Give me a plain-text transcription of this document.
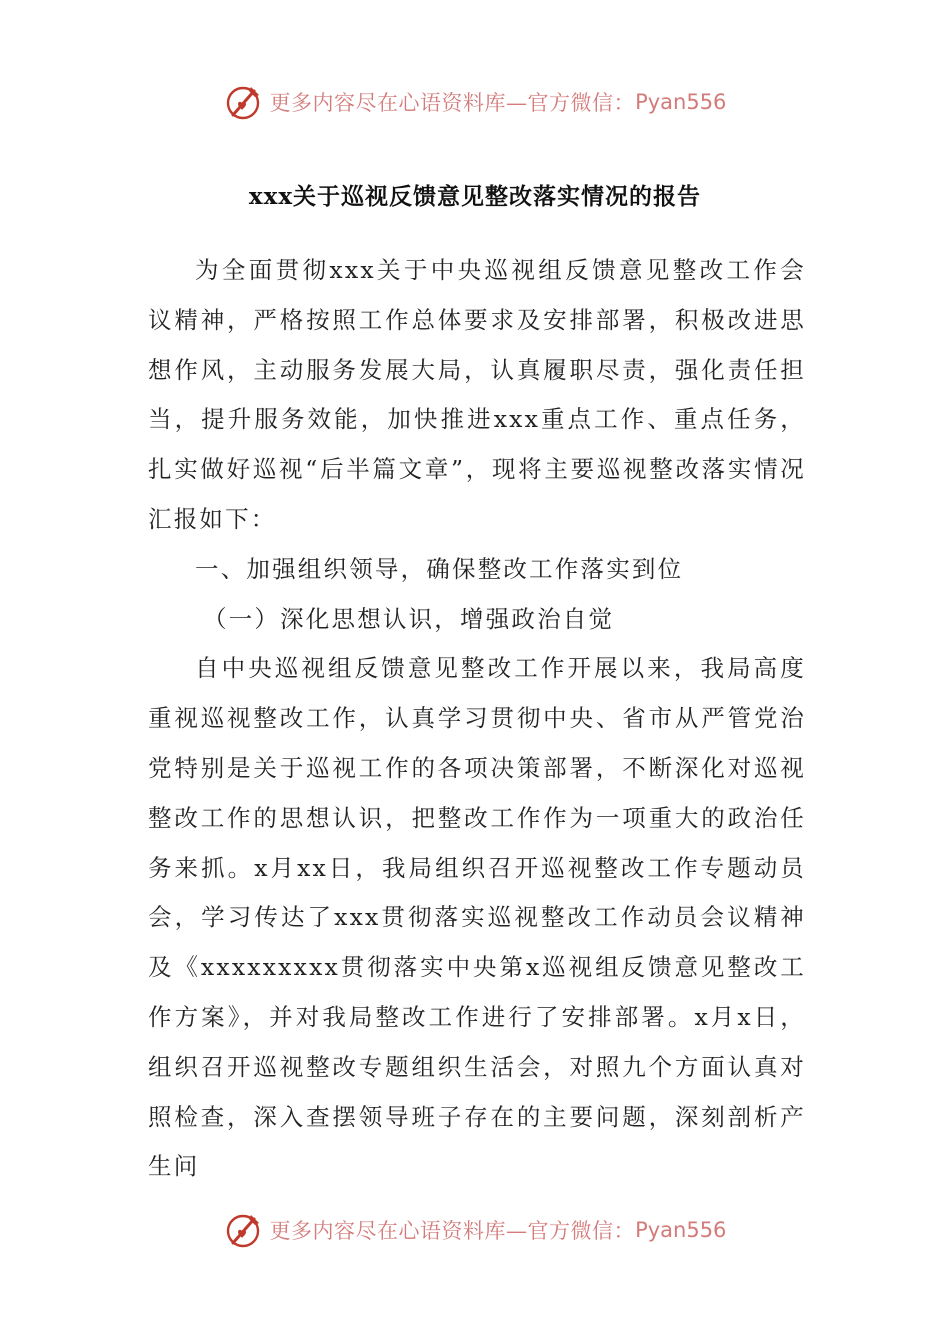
更多内容尽在心语资料库—官方微信： Pyan556
xxx关于巡视反馈意见整改落实情况的报告

为全面贯彻xxx关于中央巡视组反馈意见整改工作会议精神，严格按照工作总体要求及安排部署，积极改进思想作风，主动服务发展大局，认真履职尽责，强化责任担当，提升服务效能，加快推进xxx重点工作、重点任务，扎实做好巡视“后半篇文章”，现将主要巡视整改落实情况汇报如下：

一、加强组织领导，确保整改工作落实到位

（一）深化思想认识，增强政治自觉

自中央巡视组反馈意见整改工作开展以来，我局高度重视巡视整改工作，认真学习贯彻中央、省市从严管党治党特别是关于巡视工作的各项决策部署，不断深化对巡视整改工作的思想认识，把整改工作作为一项重大的政治任务来抓。x月xx日，我局组织召开巡视整改工作专题动员会，学习传达了xxx贯彻落实巡视整改工作动员会议精神及《xxxxxxxxx贯彻落实中央第x巡视组反馈意见整改工作方案》，并对我局整改工作进行了安排部署。x月x日，组织召开巡视整改专题组织生活会，对照九个方面认真对照检查，深入查摆领导班子存在的主要问题，深刻剖析产生问

更多内容尽在心语资料库—官方微信： Pyan556
